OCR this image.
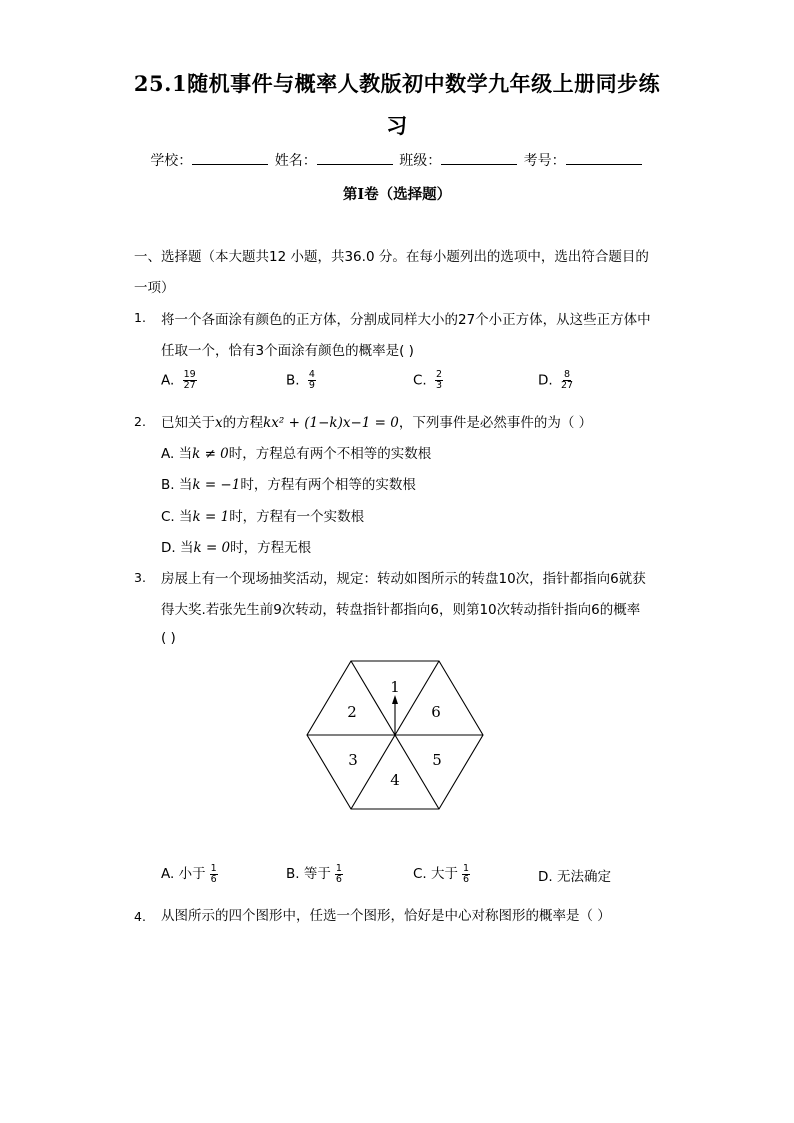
25.1随机事件与概率人教版初中数学九年级上册同步练
习
学校：	姓名：	班级：	考号：
第I卷（选择题）
一、选择题（本大题共12 小题，共36.0 分。在每小题列出的选项中，选出符合题目的
一项）
1. 将一个各面涂有颜色的正方体，分割成同样大小的27个小正方体，从这些正方体中
任取一个，恰有3个面涂有颜色的概率是( )
A. $\frac{19}{27}$	B. $\frac{4}{9}$	C. $\frac{2}{3}$	D. $\frac{8}{27}$
2. 已知关于x的方程kx² + (1−k)x−1 = 0，下列事件是必然事件的为（ ）
A. 当k ≠ 0时，方程总有两个不相等的实数根
B. 当k = −1时，方程有两个相等的实数根
C. 当k = 1时，方程有一个实数根
D. 当k = 0时，方程无根
3. 房展上有一个现场抽奖活动，规定：转动如图所示的转盘10次，指针都指向6就获
得大奖.若张先生前9次转动，转盘指针都指向6，则第10次转动指针指向6的概率
( )
1
2	6
3
4
5
A. 小于 $\frac{1}{6}$	B. 等于 $\frac{1}{6}$	C. 大于 $\frac{1}{6}$	D. 无法确定
4. 从图所示的四个图形中，任选一个图形，恰好是中心对称图形的概率是（ ）
